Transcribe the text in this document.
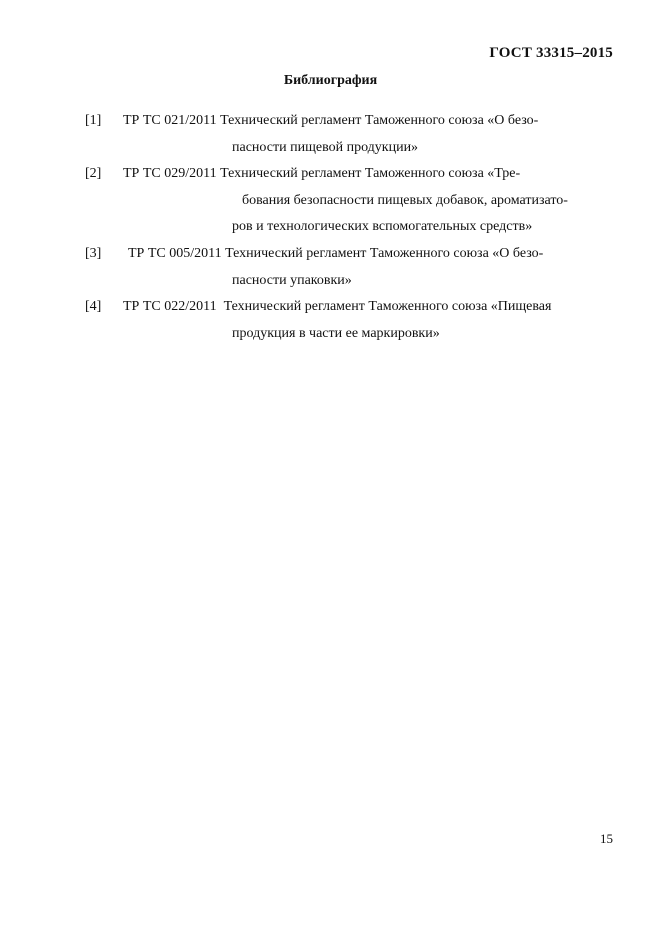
ГОСТ 33315–2015
Библиография
[1] ТР ТС 021/2011 Технический регламент Таможенного союза «О безо-
пасности пищевой продукции»
[2] ТР ТС 029/2011 Технический регламент Таможенного союза «Тре-
бования безопасности пищевых добавок, ароматизато-
ров и технологических вспомогательных средств»
[3] ТР ТС 005/2011 Технический регламент Таможенного союза «О безо-
пасности упаковки»
[4] ТР ТС 022/2011  Технический регламент Таможенного союза «Пищевая
продукция в части ее маркировки»
15
